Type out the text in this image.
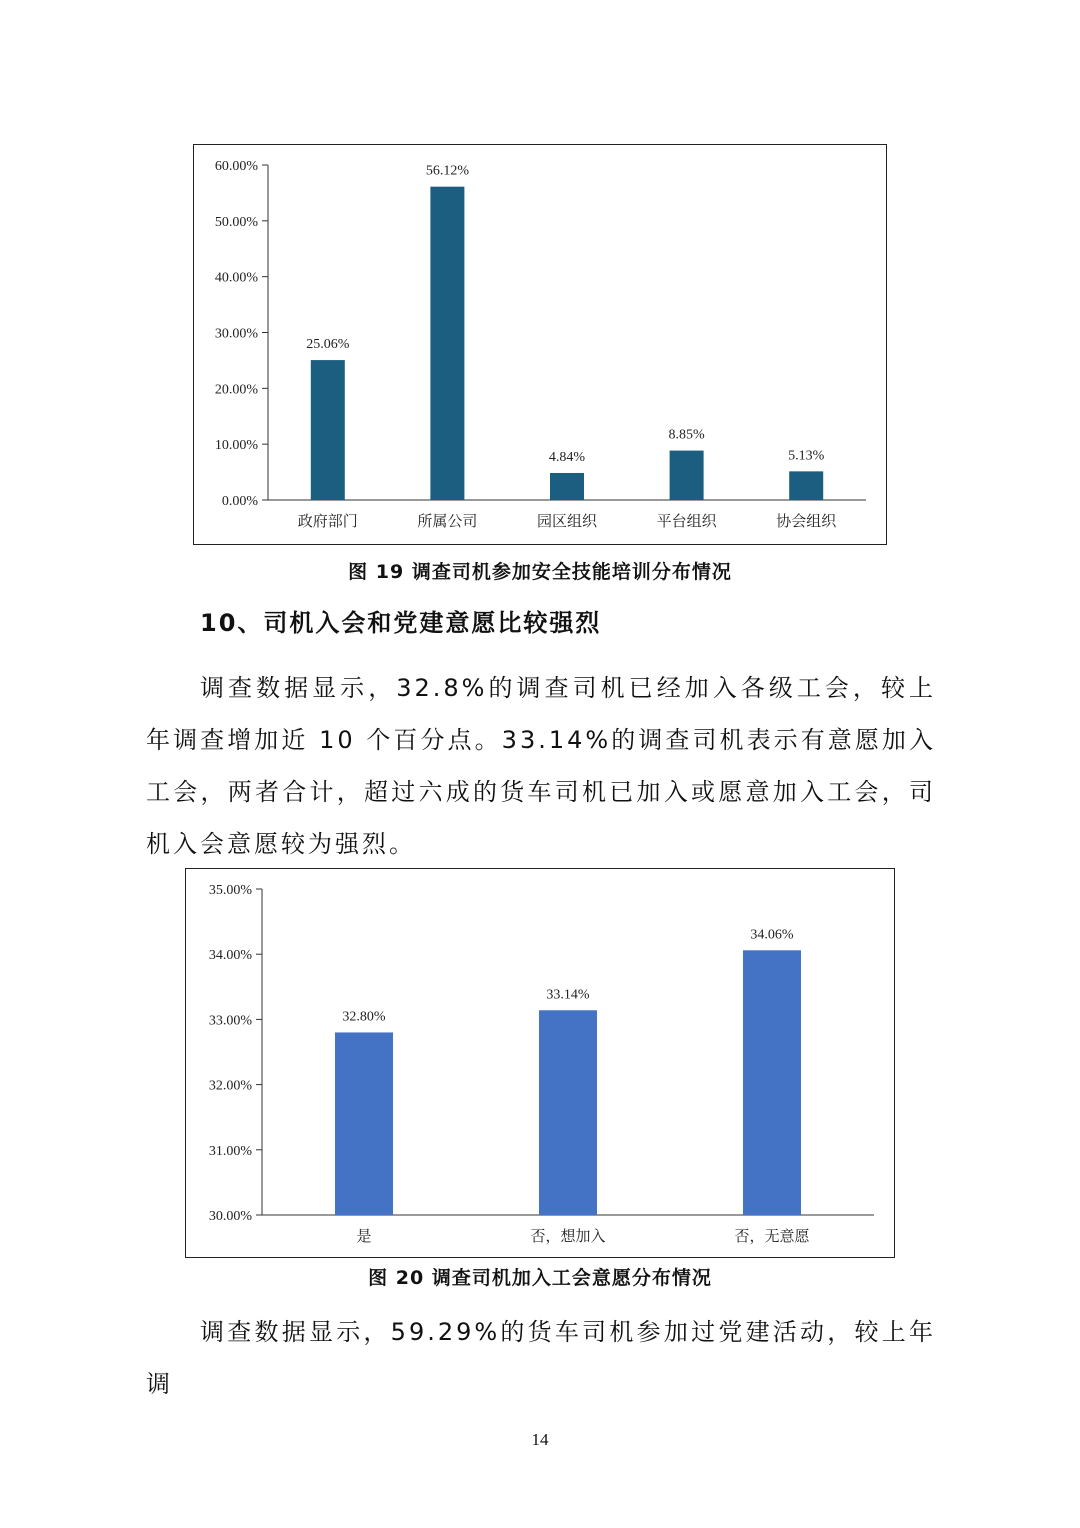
0.00%
10.00%
20.00%
30.00%
40.00%
50.00%
60.00%
25.06%
政府部门
56.12%
所属公司
4.84%
园区组织
8.85%
平台组织
5.13%
协会组织
图 19 调查司机参加安全技能培训分布情况
10、司机入会和党建意愿比较强烈
调查数据显示，32.8%的调查司机已经加入各级工会，较上年调查增加近 10 个百分点。33.14%的调查司机表示有意愿加入工会，两者合计，超过六成的货车司机已加入或愿意加入工会，司机入会意愿较为强烈。
30.00%
31.00%
32.00%
33.00%
34.00%
35.00%
32.80%
是
33.14%
否，想加入
34.06%
否，无意愿
图 20 调查司机加入工会意愿分布情况
调查数据显示，59.29%的货车司机参加过党建活动，较上年调
14
